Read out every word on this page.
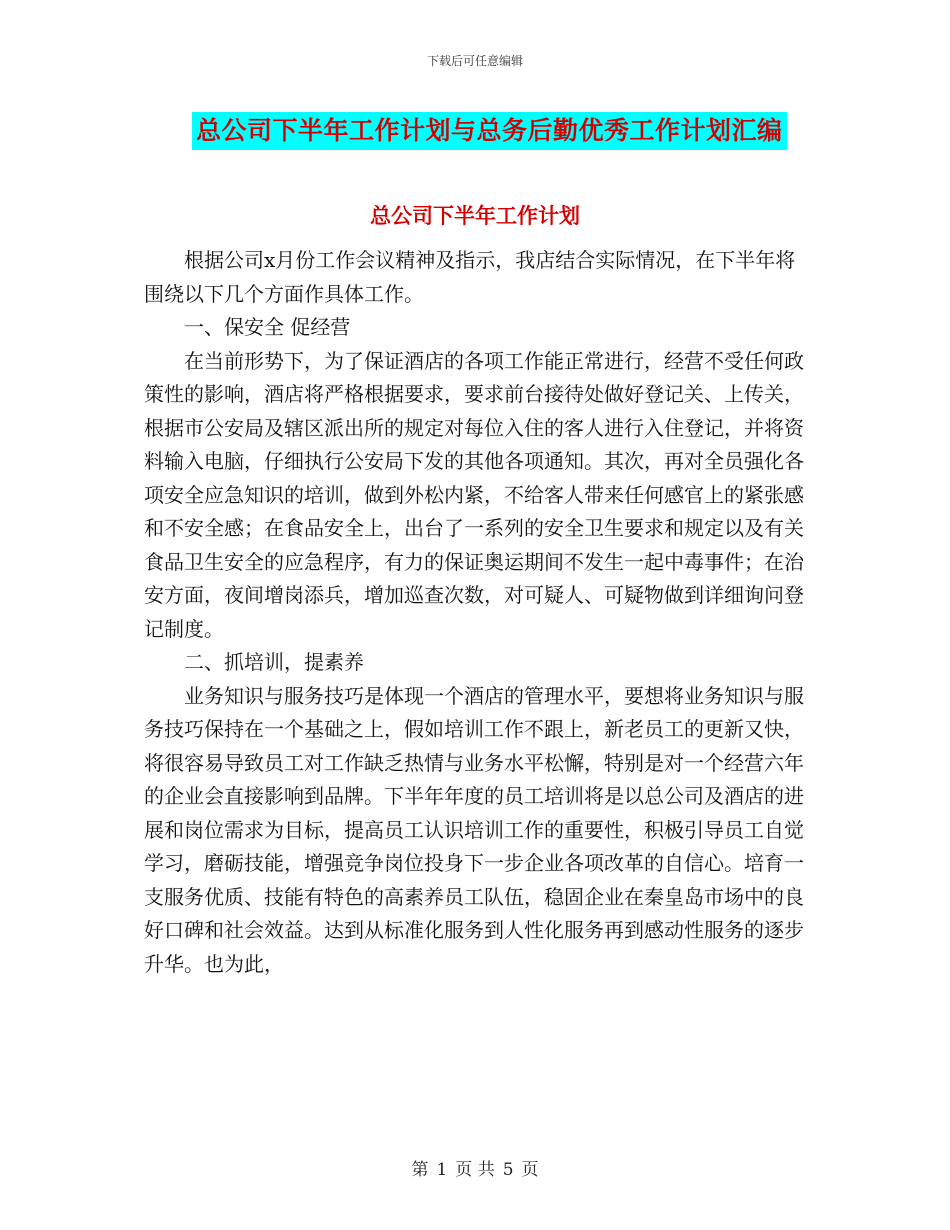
下载后可任意编辑
总公司下半年工作计划与总务后勤优秀工作计划汇编
总公司下半年工作计划

根据公司x月份工作会议精神及指示，我店结合实际情况，在下半年将围绕以下几个方面作具体工作。

一、保安全 促经营

在当前形势下，为了保证酒店的各项工作能正常进行，经营不受任何政策性的影响，酒店将严格根据要求，要求前台接待处做好登记关、上传关，根据市公安局及辖区派出所的规定对每位入住的客人进行入住登记，并将资料输入电脑，仔细执行公安局下发的其他各项通知。其次，再对全员强化各项安全应急知识的培训，做到外松内紧，不给客人带来任何感官上的紧张感和不安全感；在食品安全上，出台了一系列的安全卫生要求和规定以及有关食品卫生安全的应急程序，有力的保证奥运期间不发生一起中毒事件；在治安方面，夜间增岗添兵，增加巡查次数，对可疑人、可疑物做到详细询问登记制度。

二、抓培训，提素养

业务知识与服务技巧是体现一个酒店的管理水平，要想将业务知识与服务技巧保持在一个基础之上，假如培训工作不跟上，新老员工的更新又快，将很容易导致员工对工作缺乏热情与业务水平松懈，特别是对一个经营六年的企业会直接影响到品牌。下半年年度的员工培训将是以总公司及酒店的进展和岗位需求为目标，提高员工认识培训工作的重要性，积极引导员工自觉学习，磨砺技能，增强竞争岗位投身下一步企业各项改革的自信心。培育一支服务优质、技能有特色的高素养员工队伍，稳固企业在秦皇岛市场中的良好口碑和社会效益。达到从标准化服务到人性化服务再到感动性服务的逐步升华。也为此，

第 1 页 共 5 页
